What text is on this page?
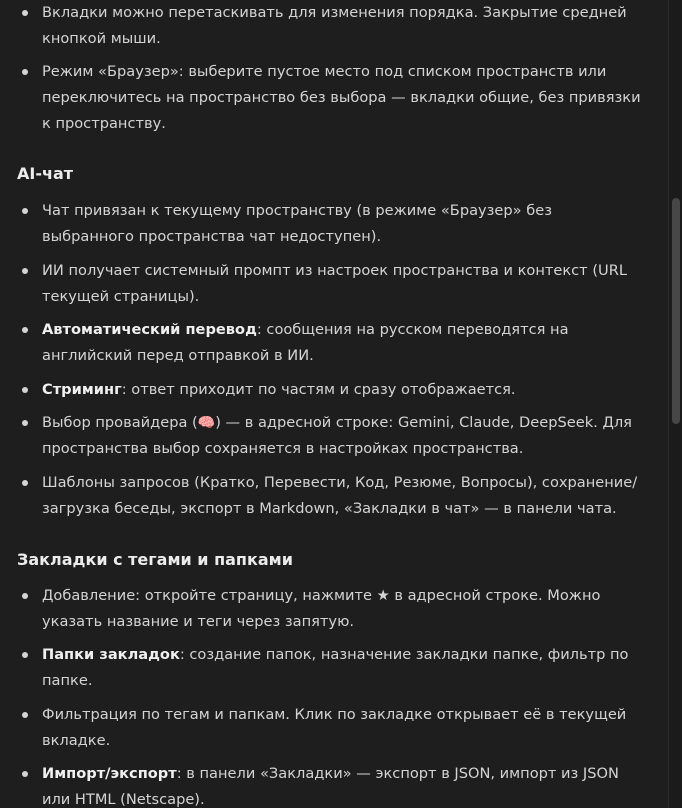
Вкладки можно перетаскивать для изменения порядка. Закрытие средней кнопкой мыши.
Режим «Браузер»: выберите пустое место под списком пространств или переключитесь на пространство без выбора — вкладки общие, без привязки к пространству.
AI-чат
Чат привязан к текущему пространству (в режиме «Браузер» без выбранного пространства чат недоступен).
ИИ получает системный промпт из настроек пространства и контекст (URL текущей страницы).
Автоматический перевод: сообщения на русском переводятся на английский перед отправкой в ИИ.
Стриминг: ответ приходит по частям и сразу отображается.
Выбор провайдера (🧠) — в адресной строке: Gemini, Claude, DeepSeek. Для пространства выбор сохраняется в настройках пространства.
Шаблоны запросов (Кратко, Перевести, Код, Резюме, Вопросы), сохранение/загрузка беседы, экспорт в Markdown, «Закладки в чат» — в панели чата.
Закладки с тегами и папками
Добавление: откройте страницу, нажмите ★ в адресной строке. Можно указать название и теги через запятую.
Папки закладок: создание папок, назначение закладки папке, фильтр по папке.
Фильтрация по тегам и папкам. Клик по закладке открывает её в текущей вкладке.
Импорт/экспорт: в панели «Закладки» — экспорт в JSON, импорт из JSON или HTML (Netscape).
